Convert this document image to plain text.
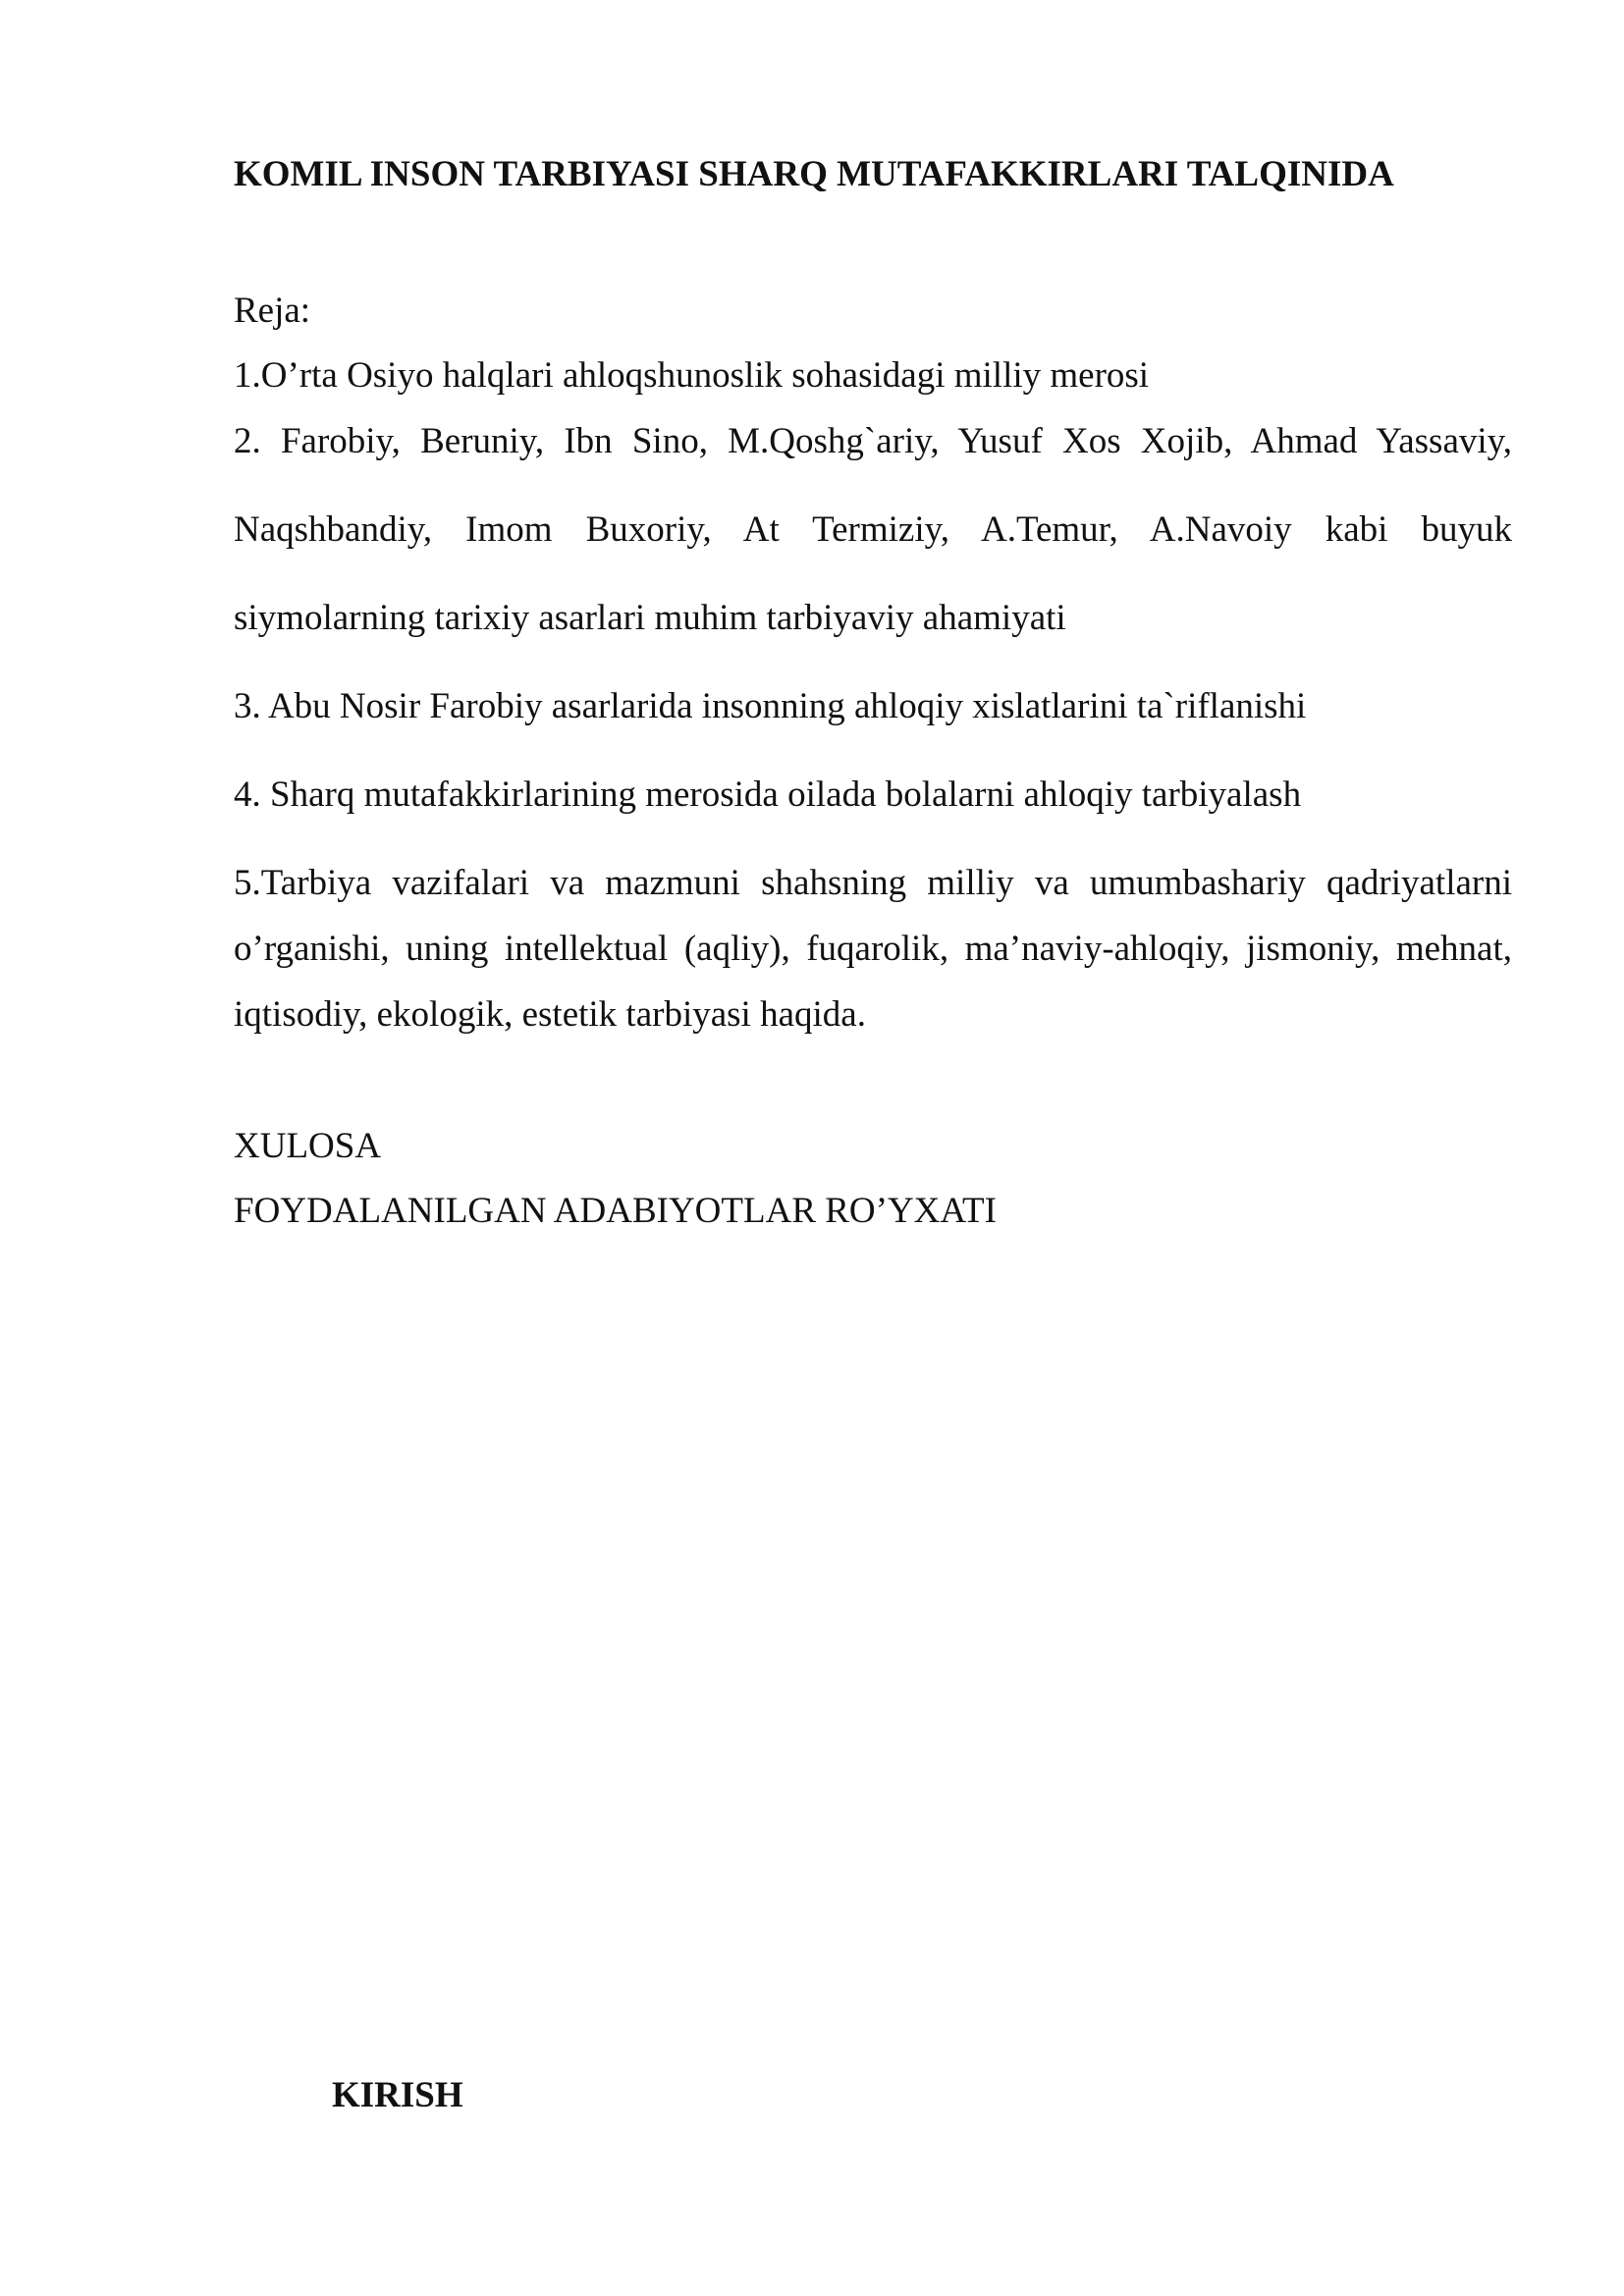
KOMIL INSON TARBIYASI SHARQ MUTAFAKKIRLARI TALQINIDA
Reja:
1.O’rta Osiyo halqlari ahloqshunoslik sohasidagi milliy merosi
2. Farobiy, Beruniy, Ibn Sino, M.Qoshg`ariy, Yusuf Xos Xojib, Ahmad Yassaviy,
Naqshbandiy, Imom Buxoriy, At Termiziy, A.Temur, A.Navoiy kabi buyuk
siymolarning tarixiy asarlari muhim tarbiyaviy ahamiyati
3. Abu Nosir Farobiy asarlarida insonning ahloqiy xislatlarini ta`riflanishi
4. Sharq mutafakkirlarining merosida oilada bolalarni ahloqiy tarbiyalash
5.Tarbiya vazifalari va mazmuni shahsning milliy va umumbashariy qadriyatlarni
o’rganishi, uning intellektual (aqliy), fuqarolik, ma’naviy-ahloqiy, jismoniy, mehnat,
iqtisodiy, ekologik, estetik tarbiyasi haqida.
XULOSA
FOYDALANILGAN ADABIYOTLAR RO’YXATI
KIRISH
